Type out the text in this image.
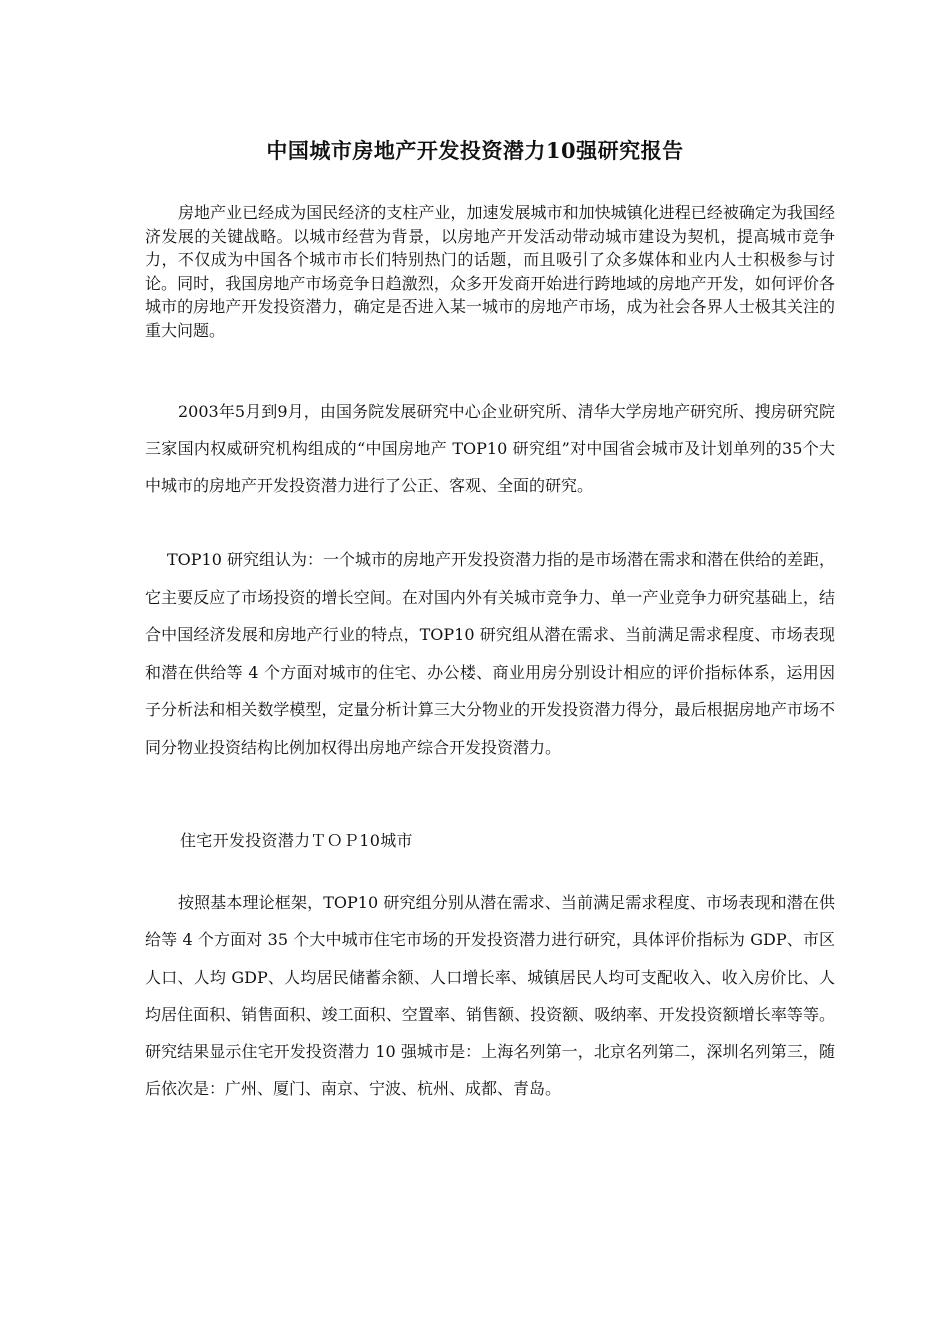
中国城市房地产开发投资潜力10强研究报告

房地产业已经成为国民经济的支柱产业，加速发展城市和加快城镇化进程已经被确定为我国经济发展的关键战略。以城市经营为背景，以房地产开发活动带动城市建设为契机，提高城市竞争力，不仅成为中国各个城市市长们特别热门的话题，而且吸引了众多媒体和业内人士积极参与讨论。同时，我国房地产市场竞争日趋激烈，众多开发商开始进行跨地域的房地产开发，如何评价各城市的房地产开发投资潜力，确定是否进入某一城市的房地产市场，成为社会各界人士极其关注的重大问题。

2003年5月到9月，由国务院发展研究中心企业研究所、清华大学房地产研究所、搜房研究院三家国内权威研究机构组成的“中国房地产 TOP10 研究组”对中国省会城市及计划单列的35个大中城市的房地产开发投资潜力进行了公正、客观、全面的研究。

TOP10 研究组认为：一个城市的房地产开发投资潜力指的是市场潜在需求和潜在供给的差距，它主要反应了市场投资的增长空间。在对国内外有关城市竞争力、单一产业竞争力研究基础上，结合中国经济发展和房地产行业的特点，TOP10 研究组从潜在需求、当前满足需求程度、市场表现和潜在供给等 4 个方面对城市的住宅、办公楼、商业用房分别设计相应的评价指标体系，运用因子分析法和相关数学模型，定量分析计算三大分物业的开发投资潜力得分，最后根据房地产市场不同分物业投资结构比例加权得出房地产综合开发投资潜力。

住宅开发投资潜力ＴＯＰ10城市

按照基本理论框架，TOP10 研究组分别从潜在需求、当前满足需求程度、市场表现和潜在供给等 4 个方面对 35 个大中城市住宅市场的开发投资潜力进行研究，具体评价指标为 GDP、市区人口、人均 GDP、人均居民储蓄余额、人口增长率、城镇居民人均可支配收入、收入房价比、人均居住面积、销售面积、竣工面积、空置率、销售额、投资额、吸纳率、开发投资额增长率等等。 研究结果显示住宅开发投资潜力 10 强城市是：上海名列第一，北京名列第二，深圳名列第三，随后依次是：广州、厦门、南京、宁波、杭州、成都、青岛。
